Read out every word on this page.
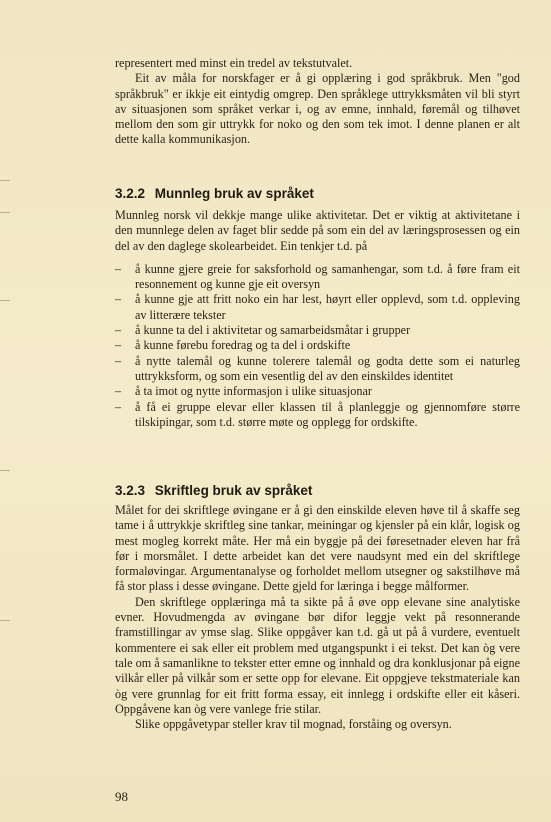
representert med minst ein tredel av tekstutvalet.

Eit av måla for norskfager er å gi opplæring i god språkbruk. Men "god språkbruk" er ikkje eit eintydig omgrep. Den språklege uttrykksmåten vil bli styrt av situasjonen som språket verkar i, og av emne, innhald, føremål og tilhøvet mellom den som gir uttrykk for noko og den som tek imot. I denne planen er alt dette kalla kommunikasjon.

3.2.2 Munnleg bruk av språket

Munnleg norsk vil dekkje mange ulike aktivitetar. Det er viktig at aktivitetane i den munnlege delen av faget blir sedde på som ein del av læringsprosessen og ein del av den daglege skolearbeidet. Ein tenkjer t.d. på

– å kunne gjere greie for saksforhold og samanhengar, som t.d. å føre fram eit resonnement og kunne gje eit oversyn
– å kunne gje att fritt noko ein har lest, høyrt eller opplevd, som t.d. oppleving av litterære tekster
– å kunne ta del i aktivitetar og samarbeidsmåtar i grupper
– å kunne førebu foredrag og ta del i ordskifte
– å nytte talemål og kunne tolerere talemål og godta dette som ei naturleg uttrykksform, og som ein vesentlig del av den einskildes identitet
– å ta imot og nytte informasjon i ulike situasjonar
– å få ei gruppe elevar eller klassen til å planleggje og gjennomføre større tilskipingar, som t.d. større møte og opplegg for ordskifte.
3.2.3 Skriftleg bruk av språket

Målet for dei skriftlege øvingane er å gi den einskilde eleven høve til å skaffe seg tame i å uttrykkje skriftleg sine tankar, meiningar og kjensler på ein klår, logisk og mest mogleg korrekt måte. Her må ein byggje på dei føresetnader eleven har frå før i morsmålet. I dette arbeidet kan det vere naudsynt med ein del skriftlege formaløvingar. Argumentanalyse og forholdet mellom utsegner og sakstilhøve må få stor plass i desse øvingane. Dette gjeld for læringa i begge målformer.

Den skriftlege opplæringa må ta sikte på å øve opp elevane sine analytiske evner. Hovudmengda av øvingane bør difor leggje vekt på resonnerande framstillingar av ymse slag. Slike oppgåver kan t.d. gå ut på å vurdere, eventuelt kommentere ei sak eller eit problem med utgangspunkt i ei tekst. Det kan òg vere tale om å samanlikne to tekster etter emne og innhald og dra konklusjonar på eigne vilkår eller på vilkår som er sette opp for elevane. Eit oppgjeve tekstmateriale kan òg vere grunnlag for eit fritt forma essay, eit innlegg i ordskifte eller eit kåseri. Oppgåvene kan òg vere vanlege frie stilar.

Slike oppgåvetypar steller krav til mognad, forståing og oversyn.

98
